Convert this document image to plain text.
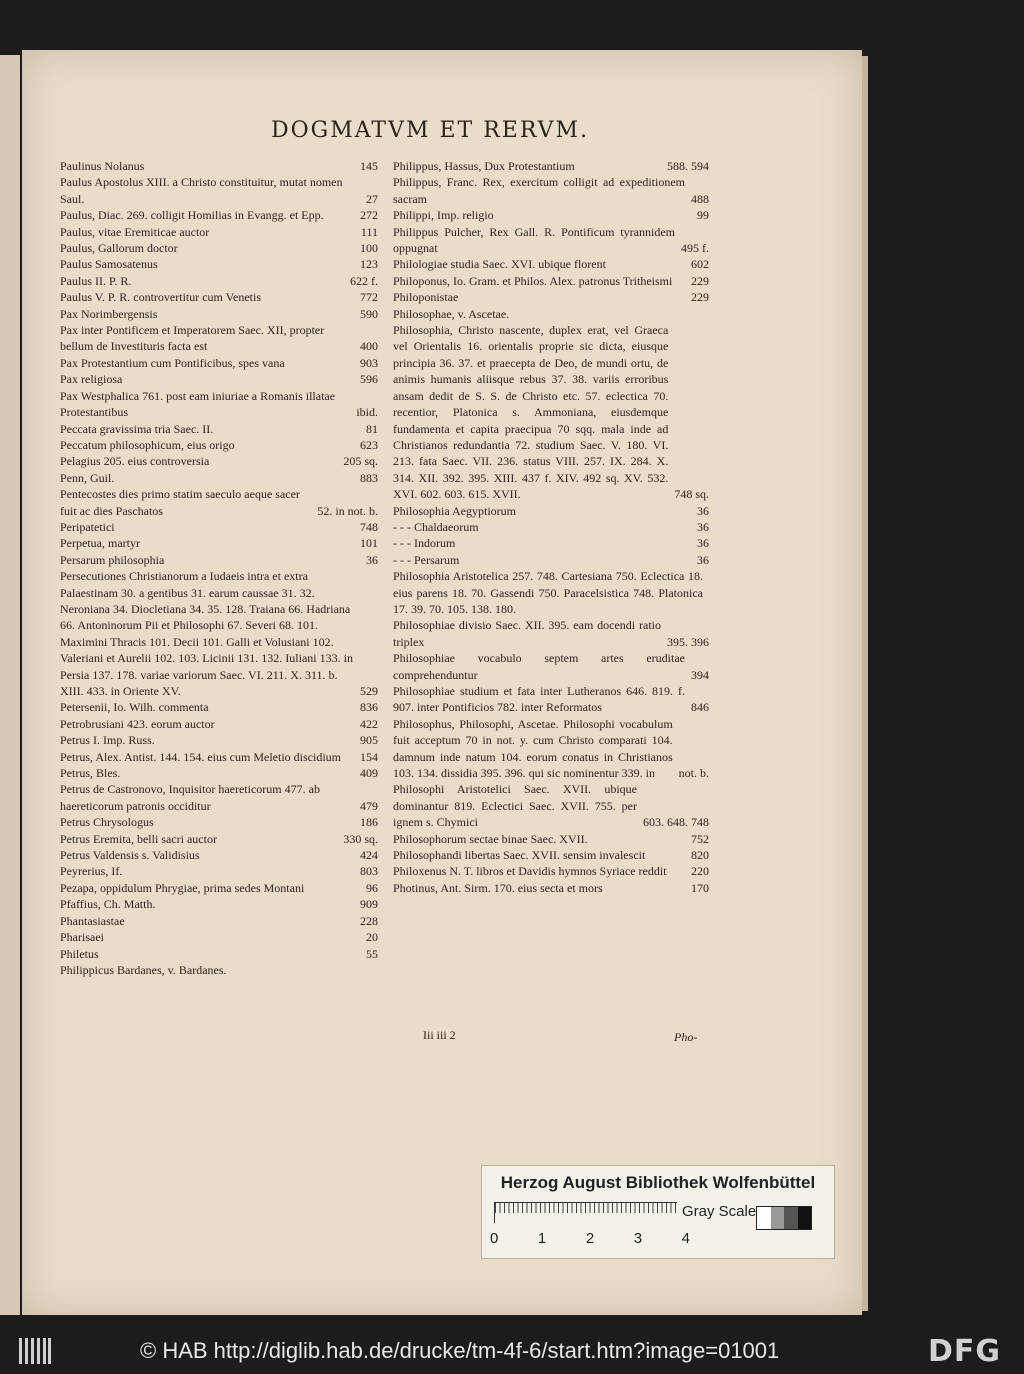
DOGMATVM ET RERVM.
Paulinus Nolanus	145
Paulus Apostolus XIII. a Christo constituitur, mutat nomen Saul.	27
Paulus, Diac. 269. colligit Homilias in Evangg. et Epp.	272
Paulus, vitae Eremiticae auctor	111
Paulus, Gallorum doctor	100
Paulus Samosatenus	123
Paulus II. P. R.	622 f.
Paulus V. P. R. controvertitur cum Venetis	772
Pax Norimbergensis	590
Pax inter Pontificem et Imperatorem Saec. XII, propter bellum de Investituris facta est	400
Pax Protestantium cum Pontificibus, spes vana	903
Pax religiosa	596
Pax Westphalica 761. post eam iniuriae a Romanis illatae Protestantibus	ibid.
Peccata gravissima tria Saec. II.	81
Peccatum philosophicum, eius origo	623
Pelagius 205. eius controversia	205 sq.
Penn, Guil.	883
Pentecostes dies primo statim saeculo aeque sacer fuit ac dies Paschatos	52. in not. b.
Peripatetici	748
Perpetua, martyr	101
Persarum philosophia	36
Persecutiones Christianorum a Iudaeis intra et extra Palaestinam 30. a gentibus 31. earum caussae 31. 32. Neroniana 34. Diocletiana 34. 35. 128. Traiana 66. Hadriana 66. Antoninorum Pii et Philosophi 67. Severi 68. 101. Maximini Thracis 101. Decii 101. Galli et Volusiani 102. Valeriani et Aurelii 102. 103. Licinii 131. 132. Iuliani 133. in Persia 137. 178. variae variorum Saec. VI. 211. X. 311. b. XIII. 433. in Oriente XV.	529
Petersenii, Io. Wilh. commenta	836
Petrobrusiani 423. eorum auctor	422
Petrus I. Imp. Russ.	905
Petrus, Alex. Antist. 144. 154. eius cum Meletio discidium	154
Petrus, Bles.	409
Petrus de Castronovo, Inquisitor haereticorum 477. ab haereticorum patronis occiditur	479
Petrus Chrysologus	186
Petrus Eremita, belli sacri auctor	330 sq.
Petrus Valdensis s. Validisius	424
Peyrerius, If.	803
Pezapa, oppidulum Phrygiae, prima sedes Montani	96
Pfaffius, Ch. Matth.	909
Phantasiastae	228
Pharisaei	20
Philetus	55
Philippicus Bardanes, v. Bardanes.
Philippus, Hassus, Dux Protestantium	588. 594
Philippus, Franc. Rex, exercitum colligit ad expeditionem sacram	488
Philippi, Imp. religio	99
Philippus Pulcher, Rex Gall. R. Pontificum tyrannidem oppugnat	495 f.
Philologiae studia Saec. XVI. ubique florent	602
Philoponus, Io. Gram. et Philos. Alex. patronus Tritheismi	229
Philoponistae	229
Philosophae, v. Ascetae.
Philosophia, Christo nascente, duplex erat, vel Graeca vel Orientalis 16. orientalis proprie sic dicta, eiusque principia 36. 37. et praecepta de Deo, de mundi ortu, de animis humanis aliisque rebus 37. 38. variis erroribus ansam dedit de S. S. de Christo etc. 57. eclectica 70. recentior, Platonica s. Ammoniana, eiusdemque fundamenta et capita praecipua 70 sqq. mala inde ad Christianos redundantia 72. studium Saec. V. 180. VI. 213. fata Saec. VII. 236. status VIII. 257. IX. 284. X. 314. XII. 392. 395. XIII. 437 f. XIV. 492 sq. XV. 532. XVI. 602. 603. 615. XVII.	748 sq.
Philosophia Aegyptiorum	36
- - - Chaldaeorum	36
- - - Indorum	36
- - - Persarum	36
Philosophia Aristotelica 257. 748. Cartesiana 750. Eclectica 18. eius parens 18. 70. Gassendi 750. Paracelsistica 748. Platonica 17. 39. 70. 105. 138. 180.
Philosophiae divisio Saec. XII. 395. eam docendi ratio triplex	395. 396
Philosophiae vocabulo septem artes eruditae comprehenduntur	394
Philosophiae studium et fata inter Lutheranos 646. 819. f. 907. inter Pontificios 782. inter Reformatos	846
Philosophus, Philosophi, Ascetae. Philosophi vocabulum fuit acceptum 70 in not. y. cum Christo comparati 104. damnum inde natum 104. eorum conatus in Christianos 103. 134. dissidia 395. 396. qui sic nominentur 339. in	not. b.
Philosophi Aristotelici Saec. XVII. ubique dominantur 819. Eclectici Saec. XVII. 755. per ignem s. Chymici	603. 648. 748
Philosophorum sectae binae Saec. XVII.	752
Philosophandi libertas Saec. XVII. sensim invalescit	820
Philoxenus N. T. libros et Davidis hymnos Syriace reddit	220
Photinus, Ant. Sirm. 170. eius secta et mors	170
Iii iii 2	Pho-
Herzog August Bibliothek Wolfenbüttel
0	1	2	3	4
Gray Scale
© HAB http://diglib.hab.de/drucke/tm-4f-6/start.htm?image=01001	DFG
